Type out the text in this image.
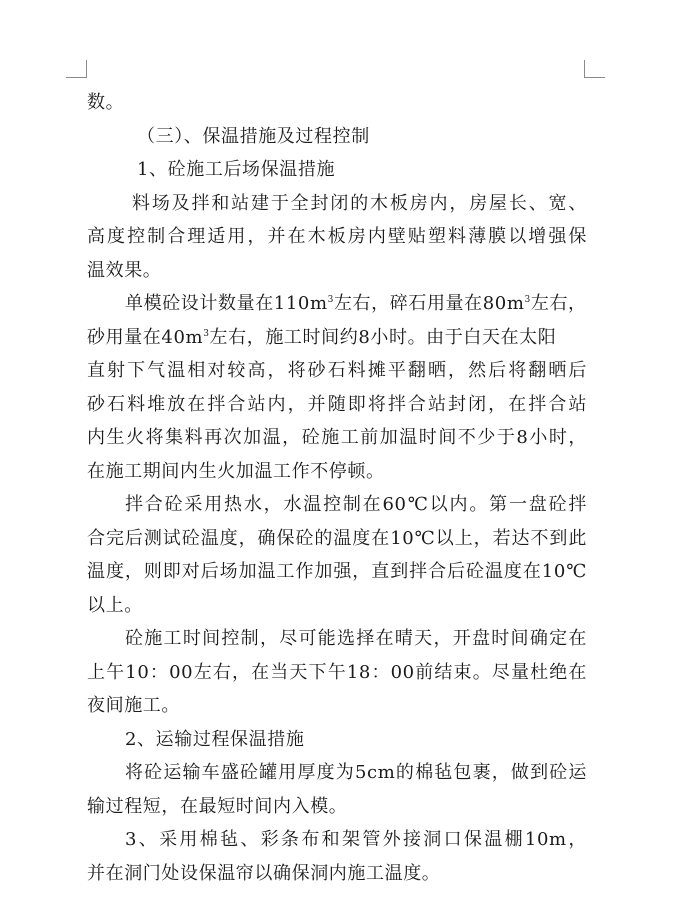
数。
（三）、保温措施及过程控制
1、砼施工后场保温措施
料场及拌和站建于全封闭的木板房内，房屋长、宽、
高度控制合理适用，并在木板房内壁贴塑料薄膜以增强保
温效果。
单模砼设计数量在$110m^3$左右，碎石用量在$80m^3$左右，
砂用量在$40m^3$左右，施工时间约8小时。由于白天在太阳
直射下气温相对较高，将砂石料摊平翻晒，然后将翻晒后
砂石料堆放在拌合站内，并随即将拌合站封闭，在拌合站
内生火将集料再次加温，砼施工前加温时间不少于8小时，
在施工期间内生火加温工作不停顿。
拌合砼采用热水，水温控制在60℃以内。第一盘砼拌
合完后测试砼温度，确保砼的温度在10℃以上，若达不到此
温度，则即对后场加温工作加强，直到拌合后砼温度在10℃
以上。
砼施工时间控制，尽可能选择在晴天，开盘时间确定在
上午10：00左右，在当天下午18：00前结束。尽量杜绝在
夜间施工。
2、运输过程保温措施
将砼运输车盛砼罐用厚度为5cm的棉毡包裹，做到砼运
输过程短，在最短时间内入模。
3、采用棉毡、彩条布和架管外接洞口保温棚10m，
并在洞门处设保温帘以确保洞内施工温度。
